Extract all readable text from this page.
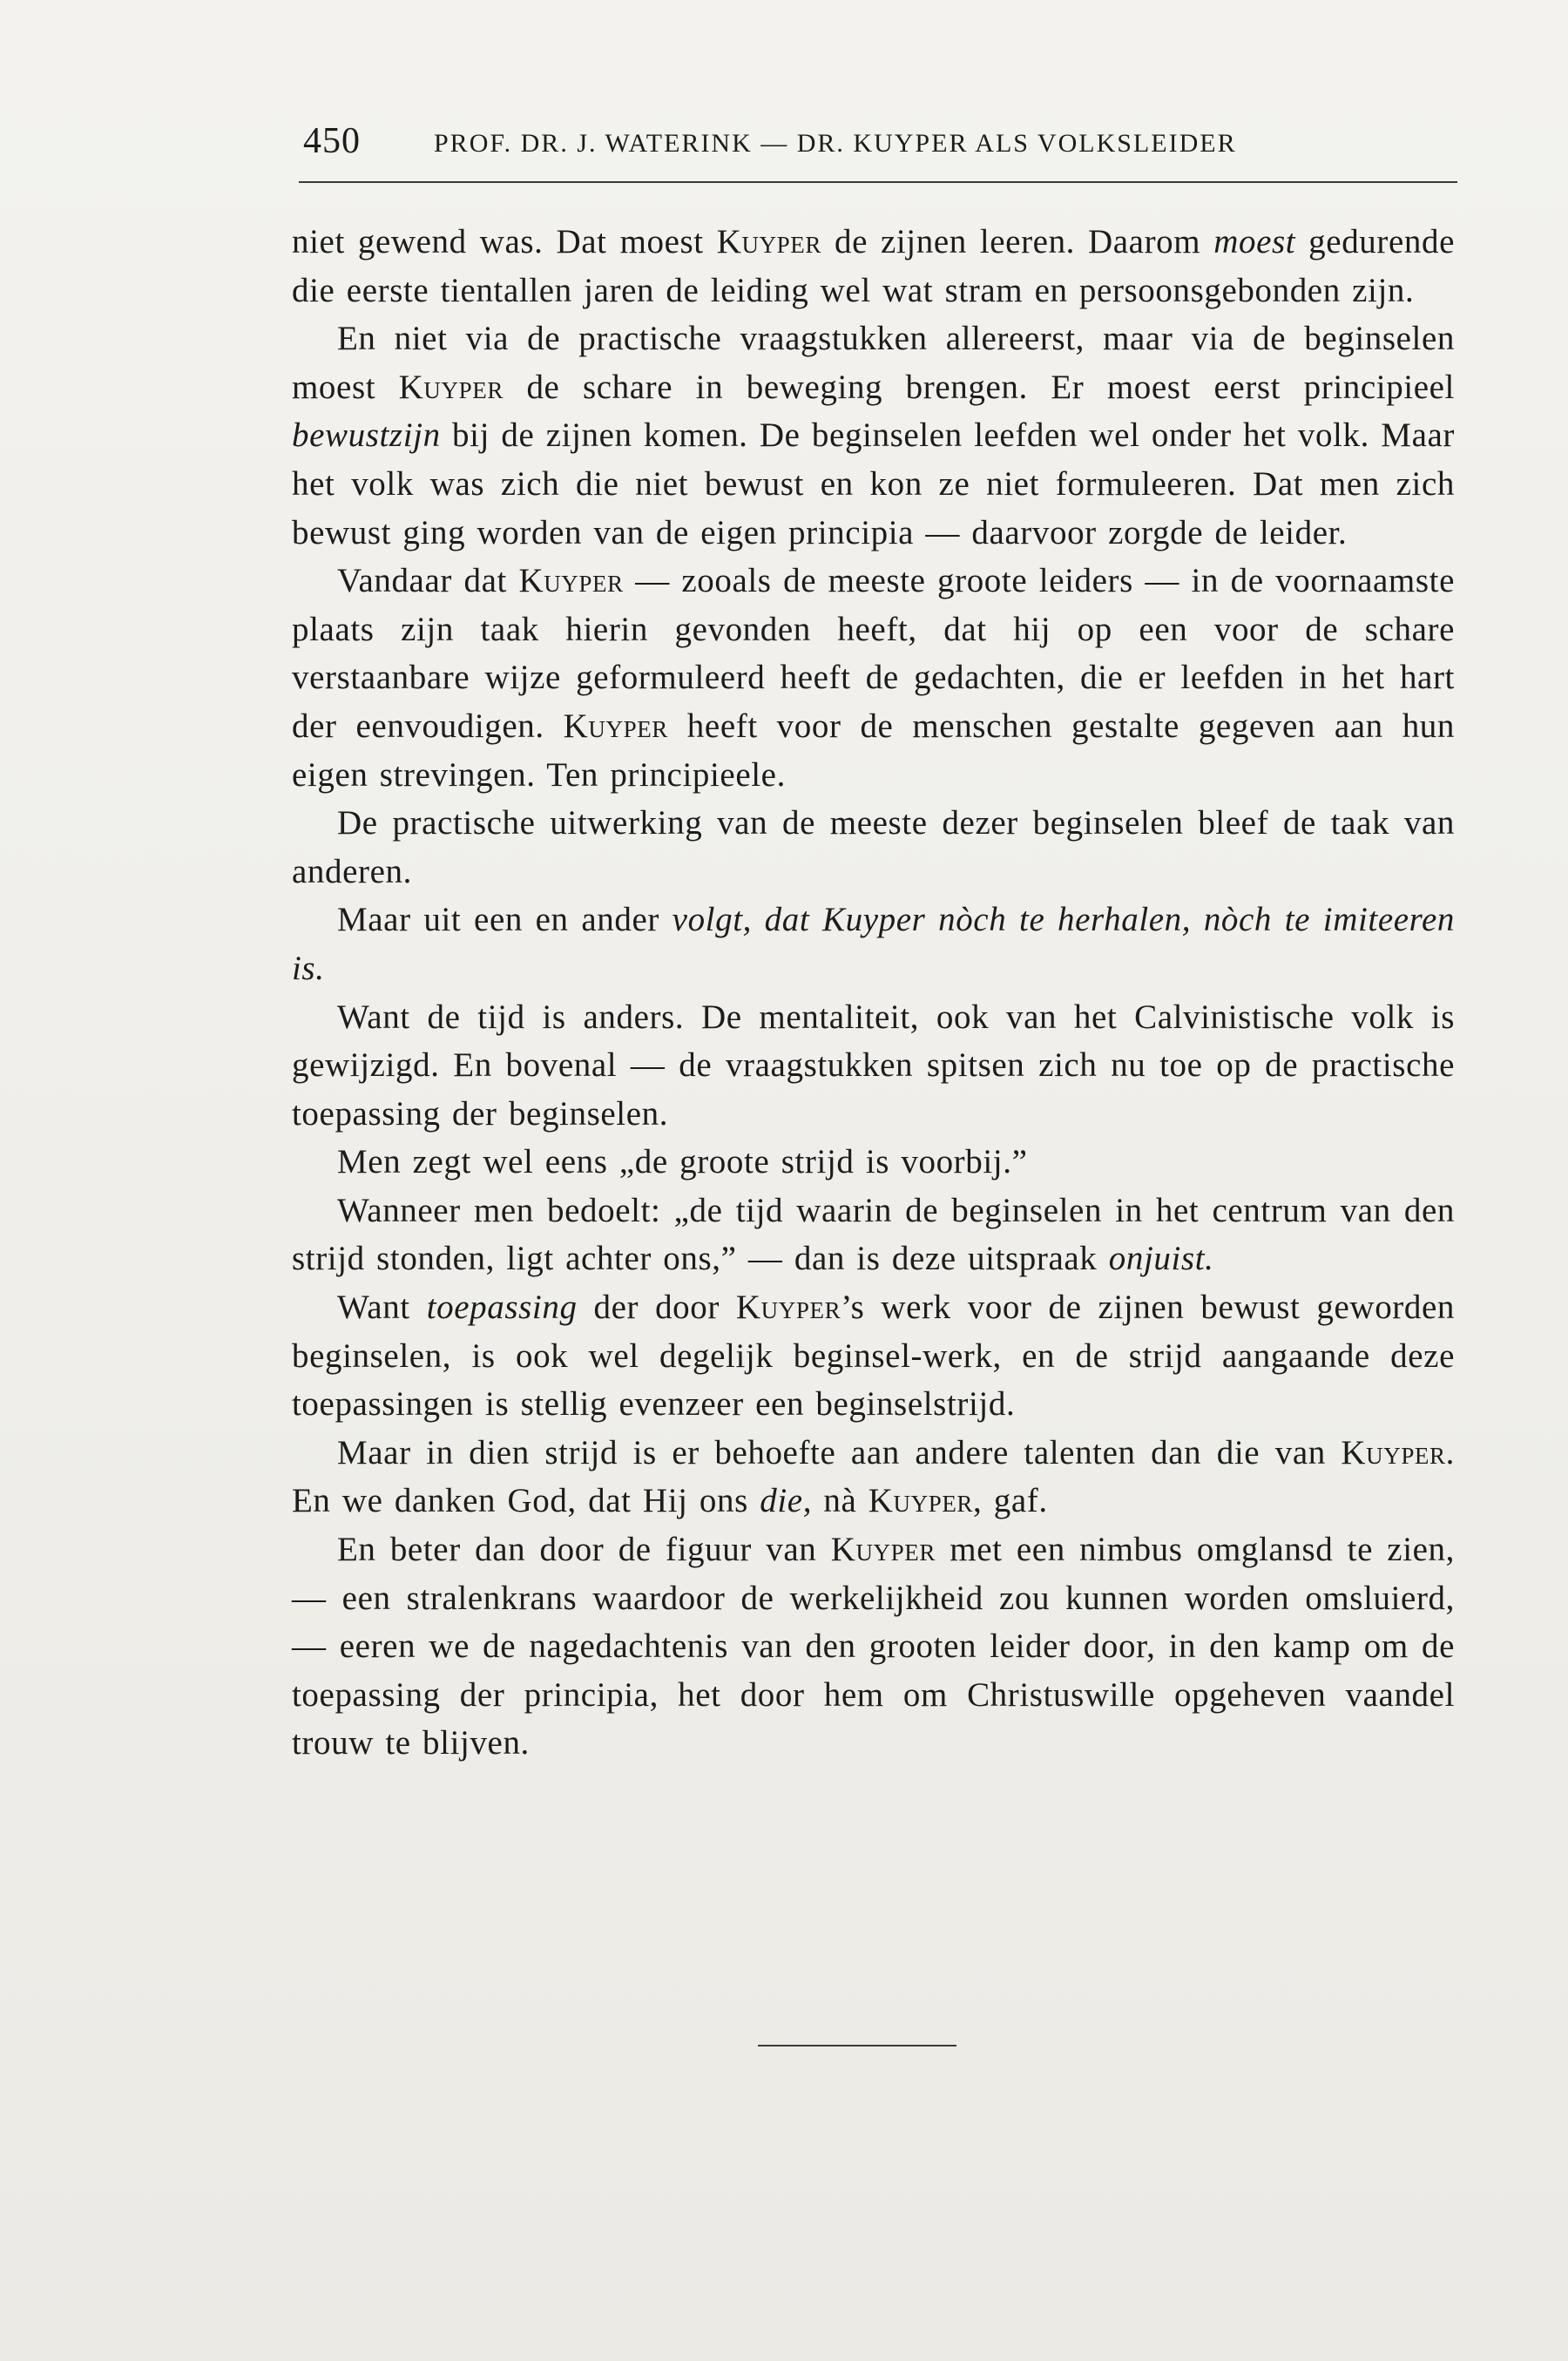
450	PROF. DR. J. WATERINK — DR. KUYPER ALS VOLKSLEIDER

niet gewend was. Dat moest Kuyper de zijnen leeren. Daarom moest gedurende die eerste tientallen jaren de leiding wel wat stram en persoonsgebonden zijn.

En niet via de practische vraagstukken allereerst, maar via de beginselen moest Kuyper de schare in beweging brengen. Er moest eerst principieel bewustzijn bij de zijnen komen. De beginselen leefden wel onder het volk. Maar het volk was zich die niet bewust en kon ze niet formuleeren. Dat men zich bewust ging worden van de eigen principia — daarvoor zorgde de leider.

Vandaar dat Kuyper — zooals de meeste groote leiders — in de voornaamste plaats zijn taak hierin gevonden heeft, dat hij op een voor de schare verstaanbare wijze geformuleerd heeft de gedachten, die er leefden in het hart der eenvoudigen. Kuyper heeft voor de menschen gestalte gegeven aan hun eigen strevingen. Ten principieele.

De practische uitwerking van de meeste dezer beginselen bleef de taak van anderen.

Maar uit een en ander volgt, dat Kuyper nòch te herhalen, nòch te imiteeren is.

Want de tijd is anders. De mentaliteit, ook van het Calvinistische volk is gewijzigd. En bovenal — de vraagstukken spitsen zich nu toe op de practische toepassing der beginselen.

Men zegt wel eens „de groote strijd is voorbij.”

Wanneer men bedoelt: „de tijd waarin de beginselen in het centrum van den strijd stonden, ligt achter ons,” — dan is deze uitspraak onjuist.

Want toepassing der door Kuyper’s werk voor de zijnen bewust geworden beginselen, is ook wel degelijk beginsel-werk, en de strijd aangaande deze toepassingen is stellig evenzeer een beginselstrijd.

Maar in dien strijd is er behoefte aan andere talenten dan die van Kuyper. En we danken God, dat Hij ons die, nà Kuyper, gaf.

En beter dan door de figuur van Kuyper met een nimbus omglansd te zien, — een stralenkrans waardoor de werkelijkheid zou kunnen worden omsluierd, — eeren we de nagedachtenis van den grooten leider door, in den kamp om de toepassing der principia, het door hem om Christuswille opgeheven vaandel trouw te blijven.
